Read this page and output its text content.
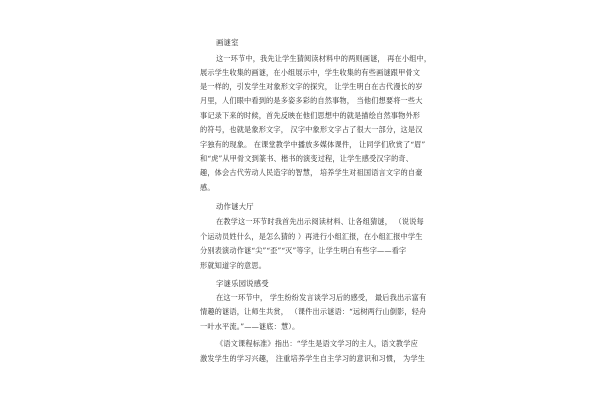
画谜室
这一环节中，我先让学生猜阅读材料中的两则画谜， 再在小组中，
展示学生收集的画谜，在小组展示中，学生收集的有些画谜跟甲骨文
是一样的，引发学生对象形文字的探究， 让学生明白在古代漫长的岁
月里，人们眼中看到的是多姿多彩的自然事物， 当他们想要将一些大
事记录下来的时候，首先反映在他们思想中的就是描绘自然事物外形
的符号，也就是象形文字， 汉字中象形文字占了很大一部分，这是汉
字独有的现象。 在课堂教学中播放多媒体课件， 让同学们欣赏了“眉”
和“虎”从甲骨文到篆书、楷书的演变过程，让学生感受汉字的奇、
趣，体会古代劳动人民造字的智慧， 培养学生对祖国语言文字的自豪
感。
动作谜大厅
在教学这一环节时我首先出示阅读材料、让各组猜谜， （说说每
个运动员姓什么，是怎么猜的 ）再进行小组汇报，在小组汇报中学生
分别表演动作谜“尖”“歪”“灭”等字，让学生明白有些字——看字
形就知道字的意思。
字谜乐园说感受
在这一环节中， 学生纷纷发言谈学习后的感受， 最后我出示富有
情趣的谜语，让师生共赏， （课件出示谜语：“远树两行山倒影，轻舟
一叶水平流。”——谜底：慧）。
《语文课程标准》指出：“学生是语文学习的主人，语文教学应
激发学生的学习兴趣， 注重培养学生自主学习的意识和习惯， 为学生
